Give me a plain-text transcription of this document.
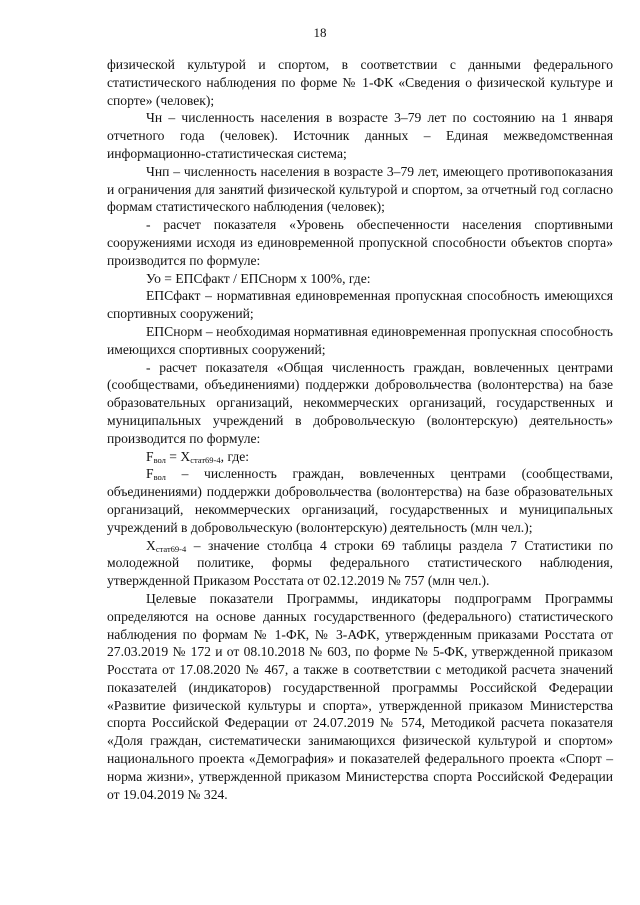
18

физической культурой и спортом, в соответствии с данными федерального статистического наблюдения по форме № 1-ФК «Сведения о физической культуре и спорте» (человек);

Чн – численность населения в возрасте 3–79 лет по состоянию на 1 января отчетного года (человек). Источник данных – Единая межведомственная информационно-статистическая система;

Чнп – численность населения в возрасте 3–79 лет, имеющего противопоказания и ограничения для занятий физической культурой и спортом, за отчетный год согласно формам статистического наблюдения (человек);

- расчет показателя «Уровень обеспеченности населения спортивными сооружениями исходя из единовременной пропускной способности объектов спорта» производится по формуле:

Уо = ЕПСфакт / ЕПСнорм х 100%, где:

ЕПСфакт – нормативная единовременная пропускная способность имеющихся спортивных сооружений;

ЕПСнорм – необходимая нормативная единовременная пропускная способность имеющихся спортивных сооружений;

- расчет показателя «Общая численность граждан, вовлеченных центрами (сообществами, объединениями) поддержки добровольчества (волонтерства) на базе образовательных организаций, некоммерческих организаций, государственных и муниципальных учреждений в добровольческую (волонтерскую) деятельность» производится по формуле:

$F_{вол} = X_{стат69-4}$, где:

$F_{вол}$ – численность граждан, вовлеченных центрами (сообществами, объединениями) поддержки добровольчества (волонтерства) на базе образовательных организаций, некоммерческих организаций, государственных и муниципальных учреждений в добровольческую (волонтерскую) деятельность (млн чел.);

$X_{стат69-4}$ – значение столбца 4 строки 69 таблицы раздела 7 Статистики по молодежной политике, формы федерального статистического наблюдения, утвержденной Приказом Росстата от 02.12.2019 № 757 (млн чел.).

Целевые показатели Программы, индикаторы подпрограмм Программы определяются на основе данных государственного (федерального) статистического наблюдения по формам № 1-ФК, № 3-АФК, утвержденным приказами Росстата от 27.03.2019 № 172 и от 08.10.2018 № 603, по форме № 5-ФК, утвержденной приказом Росстата от 17.08.2020 № 467, а также в соответствии с методикой расчета значений показателей (индикаторов) государственной программы Российской Федерации «Развитие физической культуры и спорта», утвержденной приказом Министерства спорта Российской Федерации от 24.07.2019 № 574, Методикой расчета показателя «Доля граждан, систематически занимающихся физической культурой и спортом» национального проекта «Демография» и показателей федерального проекта «Спорт – норма жизни», утвержденной приказом Министерства спорта Российской Федерации от 19.04.2019 № 324.
